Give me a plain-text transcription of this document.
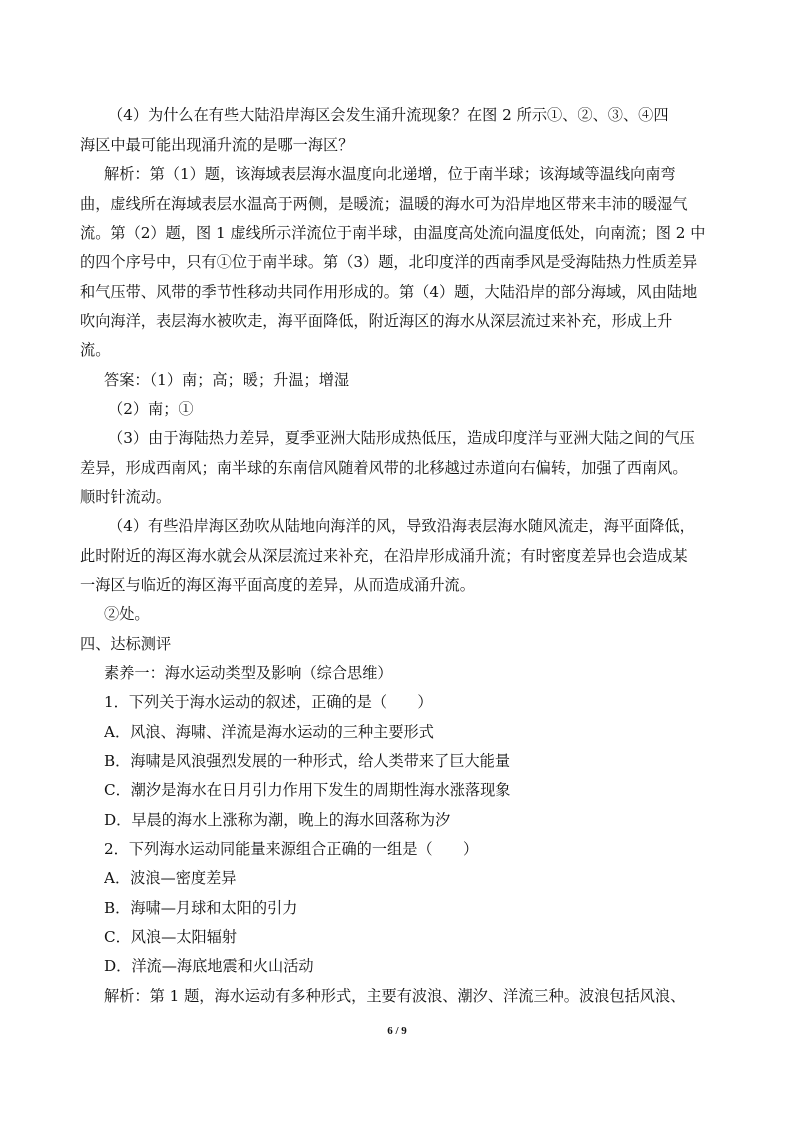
（4）为什么在有些大陆沿岸海区会发生涌升流现象？在图 2 所示①、②、③、④四
海区中最可能出现涌升流的是哪一海区？
解析：第（1）题，该海域表层海水温度向北递增，位于南半球；该海域等温线向南弯
曲，虚线所在海域表层水温高于两侧，是暖流；温暖的海水可为沿岸地区带来丰沛的暖湿气
流。第（2）题，图 1 虚线所示洋流位于南半球，由温度高处流向温度低处，向南流；图 2 中
的四个序号中，只有①位于南半球。第（3）题，北印度洋的西南季风是受海陆热力性质差异
和气压带、风带的季节性移动共同作用形成的。第（4）题，大陆沿岸的部分海域，风由陆地
吹向海洋，表层海水被吹走，海平面降低，附近海区的海水从深层流过来补充，形成上升
流。
答案：（1）南；高；暖；升温；增湿
（2）南；①
（3）由于海陆热力差异，夏季亚洲大陆形成热低压，造成印度洋与亚洲大陆之间的气压
差异，形成西南风；南半球的东南信风随着风带的北移越过赤道向右偏转，加强了西南风。
顺时针流动。
（4）有些沿岸海区劲吹从陆地向海洋的风，导致沿海表层海水随风流走，海平面降低，
此时附近的海区海水就会从深层流过来补充，在沿岸形成涌升流；有时密度差异也会造成某
一海区与临近的海区海平面高度的差异，从而造成涌升流。
②处。
四、达标测评
素养一：海水运动类型及影响（综合思维）
1．下列关于海水运动的叙述，正确的是（　　）
A．风浪、海啸、洋流是海水运动的三种主要形式
B．海啸是风浪强烈发展的一种形式，给人类带来了巨大能量
C．潮汐是海水在日月引力作用下发生的周期性海水涨落现象
D．早晨的海水上涨称为潮，晚上的海水回落称为汐
2．下列海水运动同能量来源组合正确的一组是（　　）
A．波浪—密度差异
B．海啸—月球和太阳的引力
C．风浪—太阳辐射
D．洋流—海底地震和火山活动
解析：第 1 题，海水运动有多种形式，主要有波浪、潮汐、洋流三种。波浪包括风浪、
6 / 9
